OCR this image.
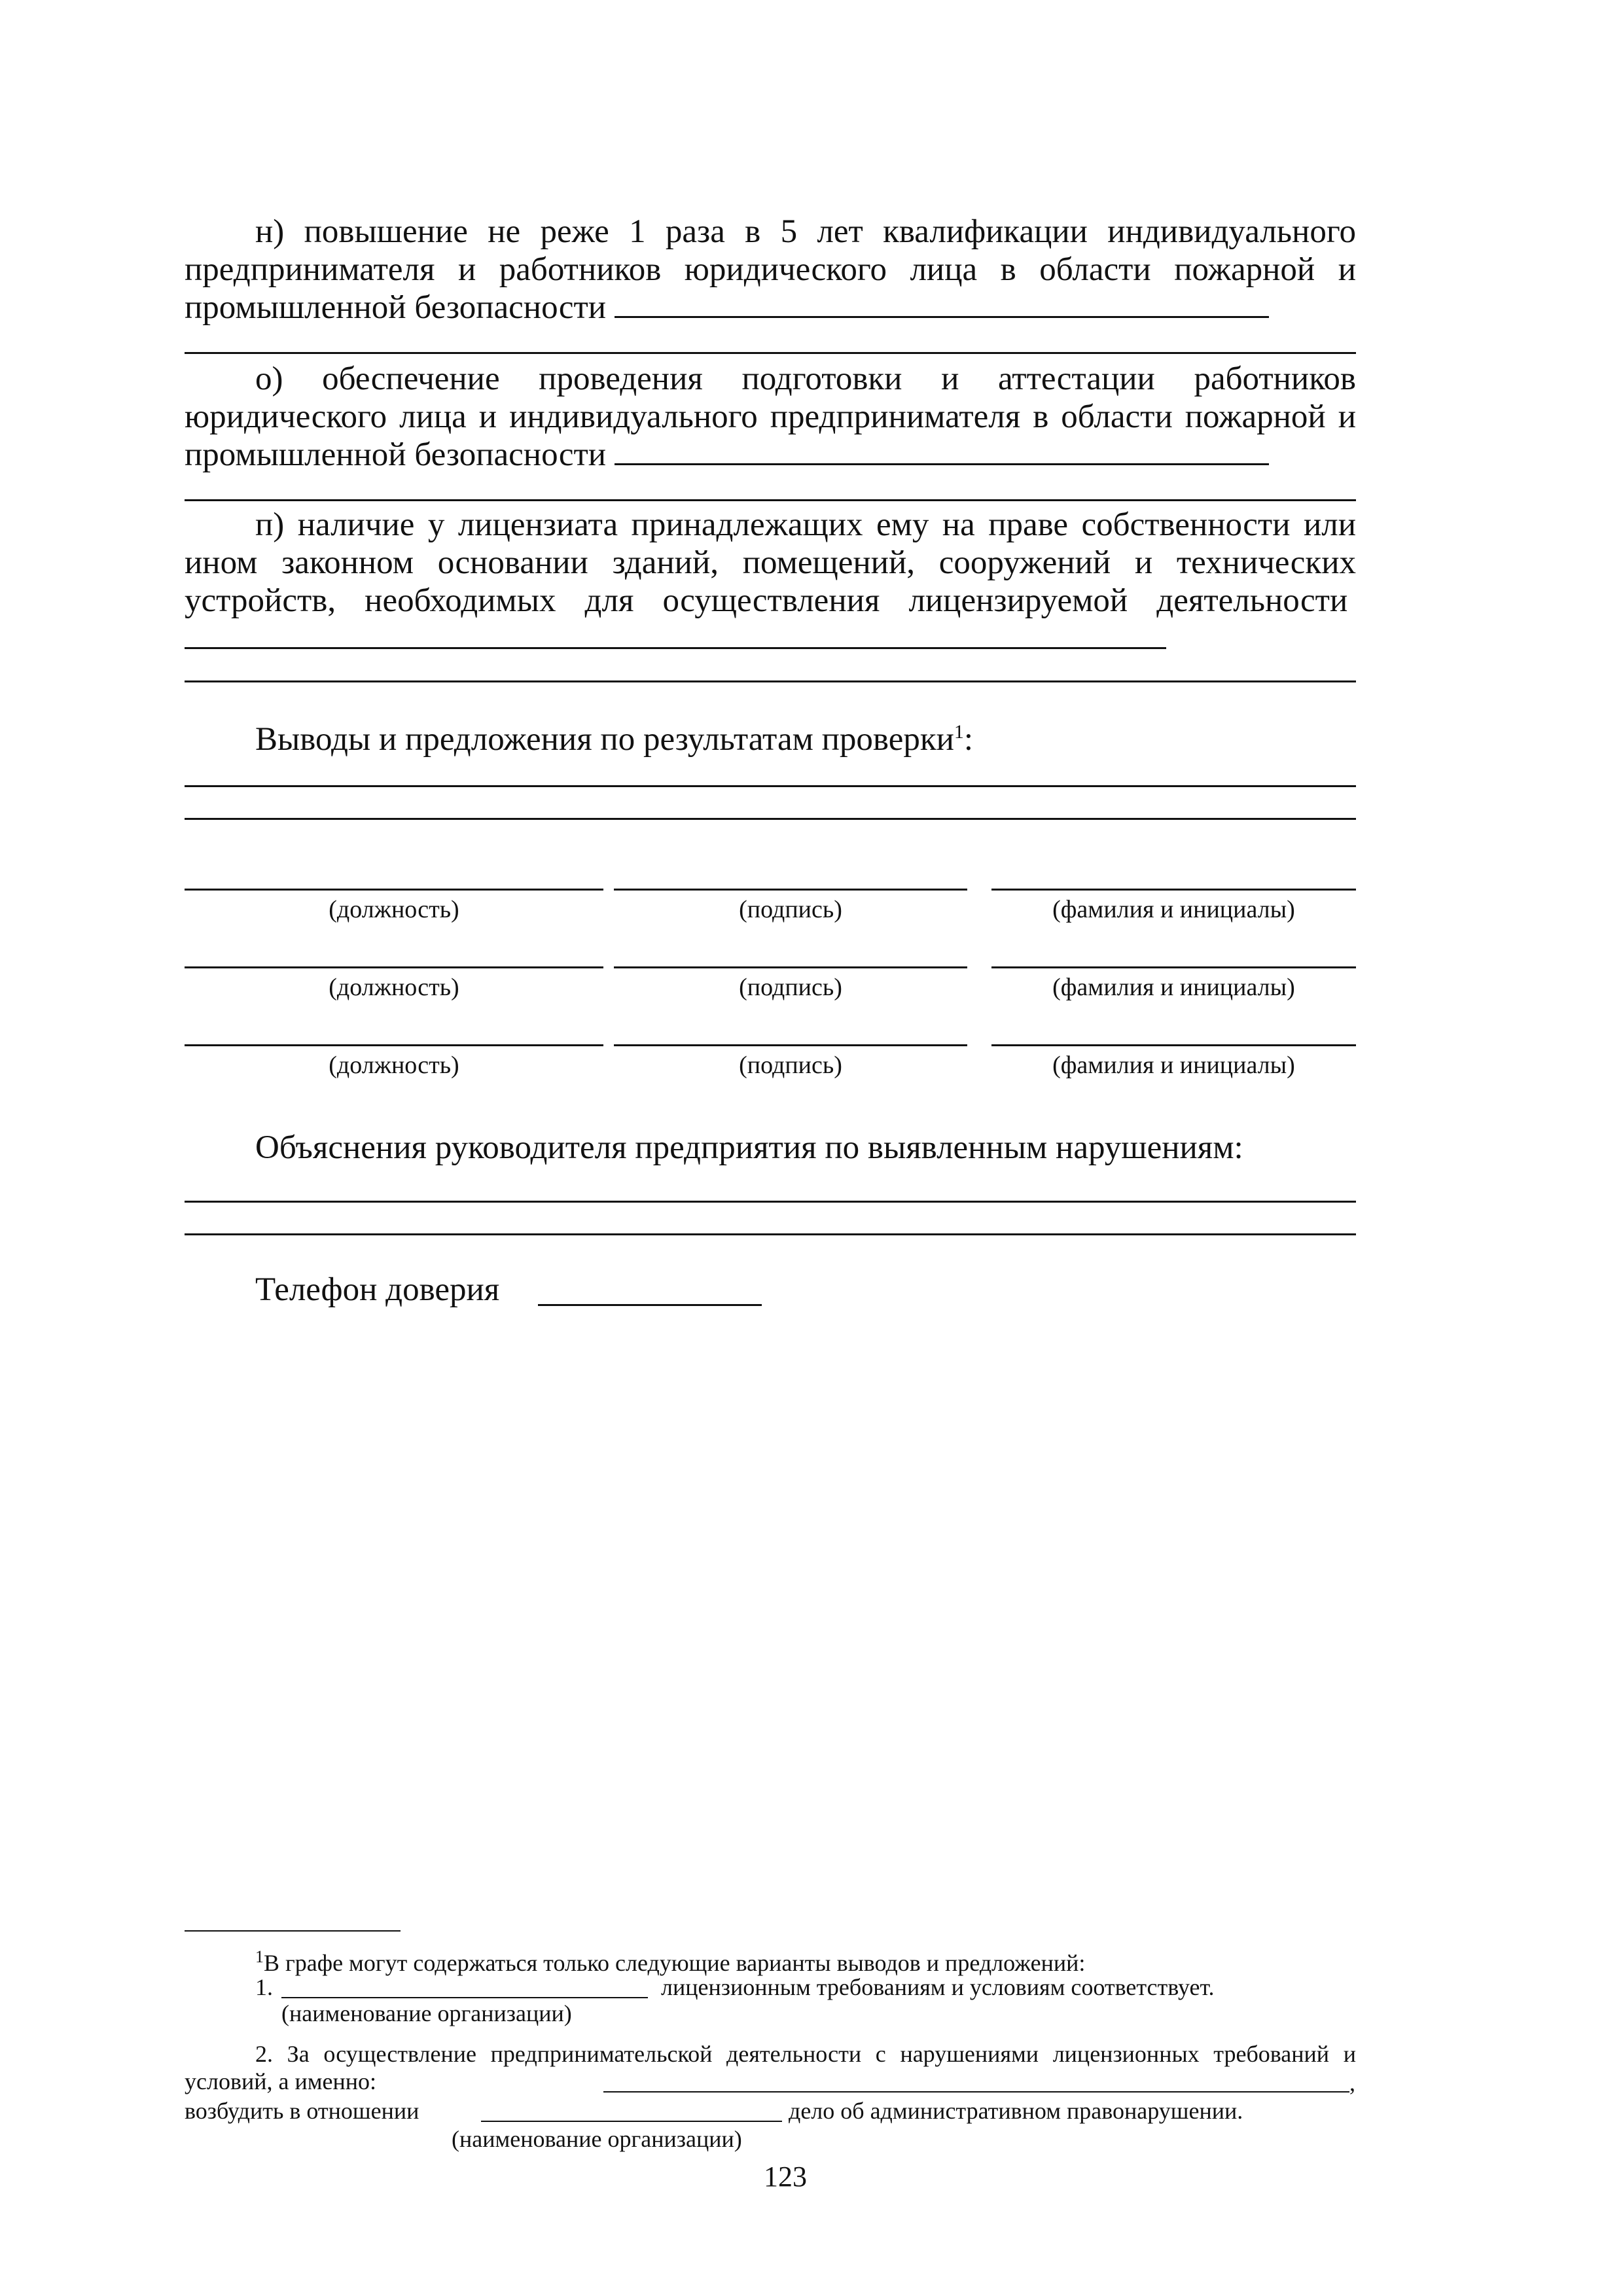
н) повышение не реже 1 раза в 5 лет квалификации индивидуального предпринимателя и работников юридического лица в области пожарной и промышленной безопасности

о) обеспечение проведения подготовки и аттестации работников юридического лица и индивидуального предпринимателя в области пожарной и промышленной безопасности

п) наличие у лицензиата принадлежащих ему на праве собственности или ином законном основании зданий, помещений, сооружений и технических устройств, необходимых для осуществления лицензируемой деятельности

Выводы и предложения по результатам проверки$^1$:
(должность)	(подпись)	(фамилия и инициалы)
(должность)	(подпись)	(фамилия и инициалы)
(должность)	(подпись)	(фамилия и инициалы)
Объяснения руководителя предприятия по выявленным нарушениям:
Телефон доверия
$^1$В графе могут содержаться только следующие варианты выводов и предложений:
1.	лицензионным требованиям и условиям соответствует.
(наименование организации)
2. За осуществление предпринимательской деятельности с нарушениями лицензионных требований и условий, а именно:	,
возбудить в отношении	дело об административном правонарушении.
(наименование организации)
123
